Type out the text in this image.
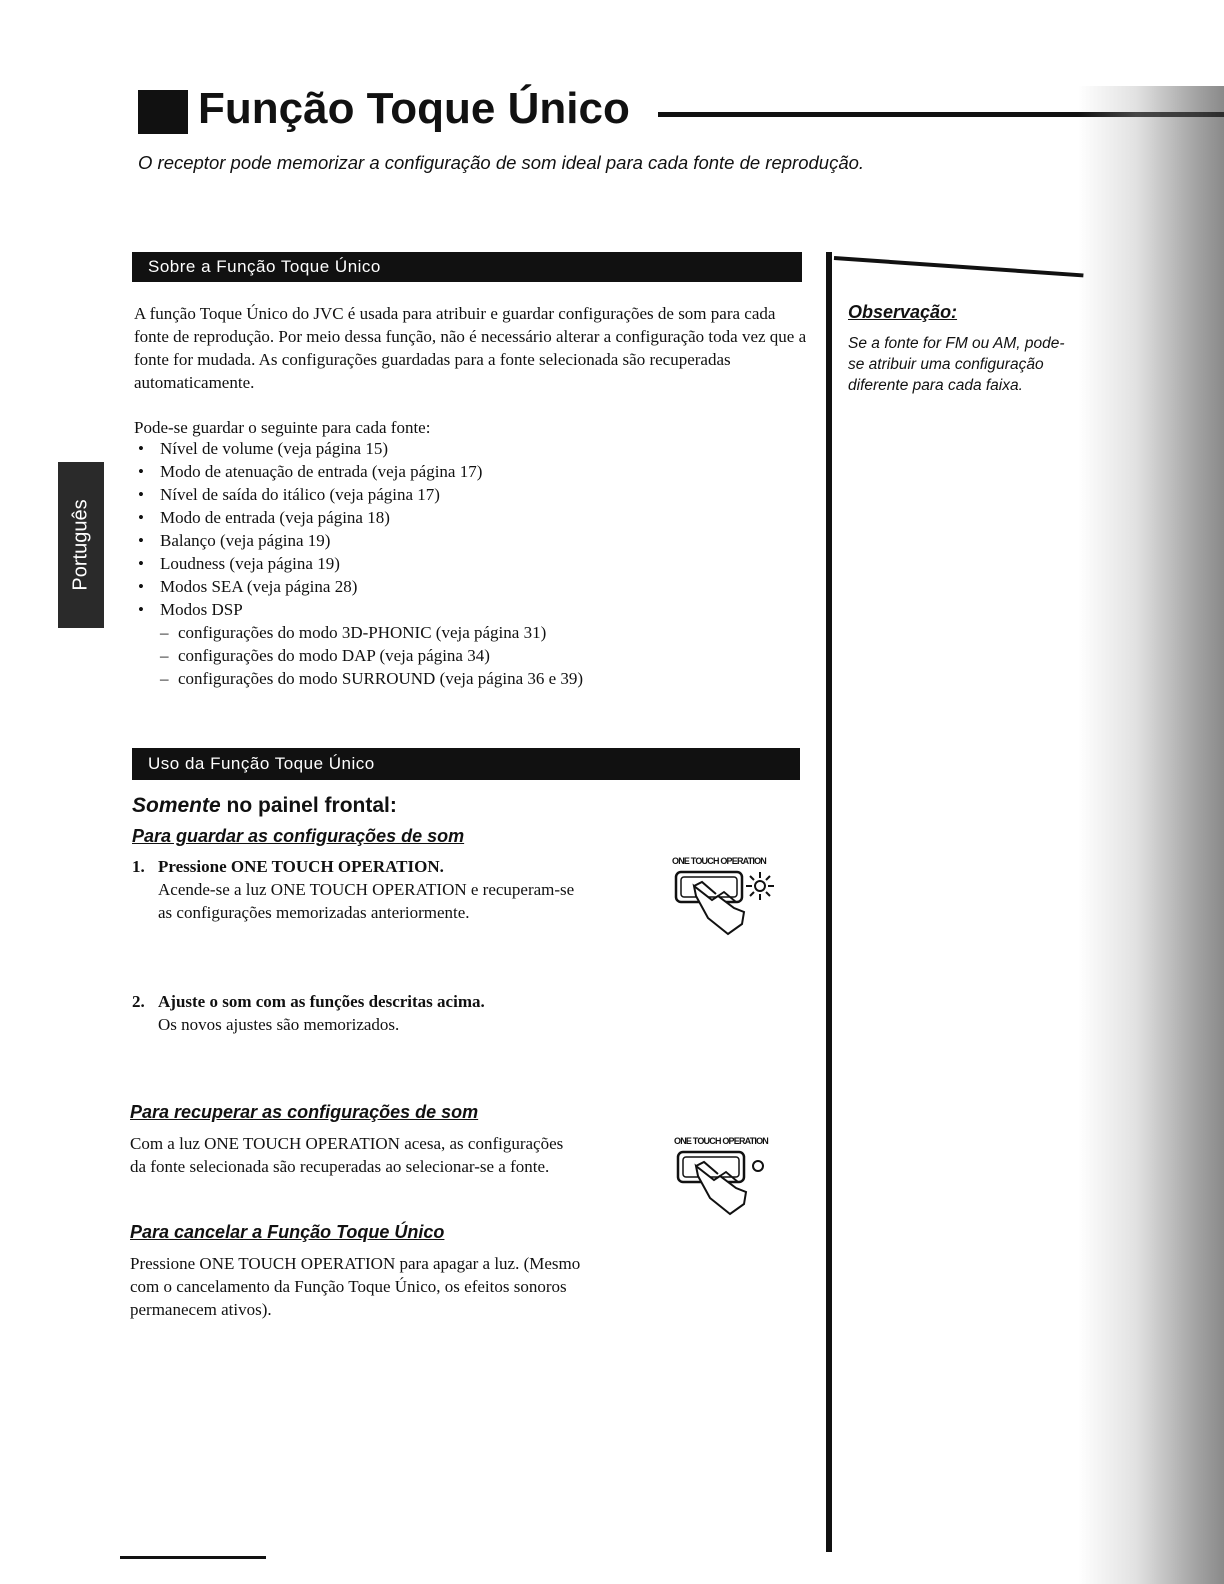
Função Toque Único
O receptor pode memorizar a configuração de som ideal para cada fonte de reprodução.
Sobre a Função Toque Único
A função Toque Único do JVC é usada para atribuir e guardar configurações de som para cada fonte de reprodução. Por meio dessa função, não é necessário alterar a configuração toda vez que a fonte for mudada. As configurações guardadas para a fonte selecionada são recuperadas automaticamente.
Pode-se guardar o seguinte para cada fonte:
• Nível de volume (veja página 15)
• Modo de atenuação de entrada (veja página 17)
• Nível de saída do itálico (veja página 17)
• Modo de entrada (veja página 18)
• Balanço (veja página 19)
• Loudness (veja página 19)
• Modos SEA (veja página 28)
• Modos DSP
– configurações do modo 3D-PHONIC (veja página 31)
– configurações do modo DAP (veja página 34)
– configurações do modo SURROUND (veja página 36 e 39)
Uso da Função Toque Único
Somente no painel frontal:
Para guardar as configurações de som
1. Pressione ONE TOUCH OPERATION.
Acende-se a luz ONE TOUCH OPERATION e recuperam-se as configurações memorizadas anteriormente.
2. Ajuste o som com as funções descritas acima.
Os novos ajustes são memorizados.
Para recuperar as configurações de som
Com a luz ONE TOUCH OPERATION acesa, as configurações da fonte selecionada são recuperadas ao selecionar-se a fonte.
Para cancelar a Função Toque Único
Pressione ONE TOUCH OPERATION para apagar a luz. (Mesmo com o cancelamento da Função Toque Único, os efeitos sonoros permanecem ativos).
ONE TOUCH OPERATION
ONE TOUCH OPERATION
Observação:
Se a fonte for FM ou AM, pode-se atribuir uma configuração diferente para cada faixa.
Português
